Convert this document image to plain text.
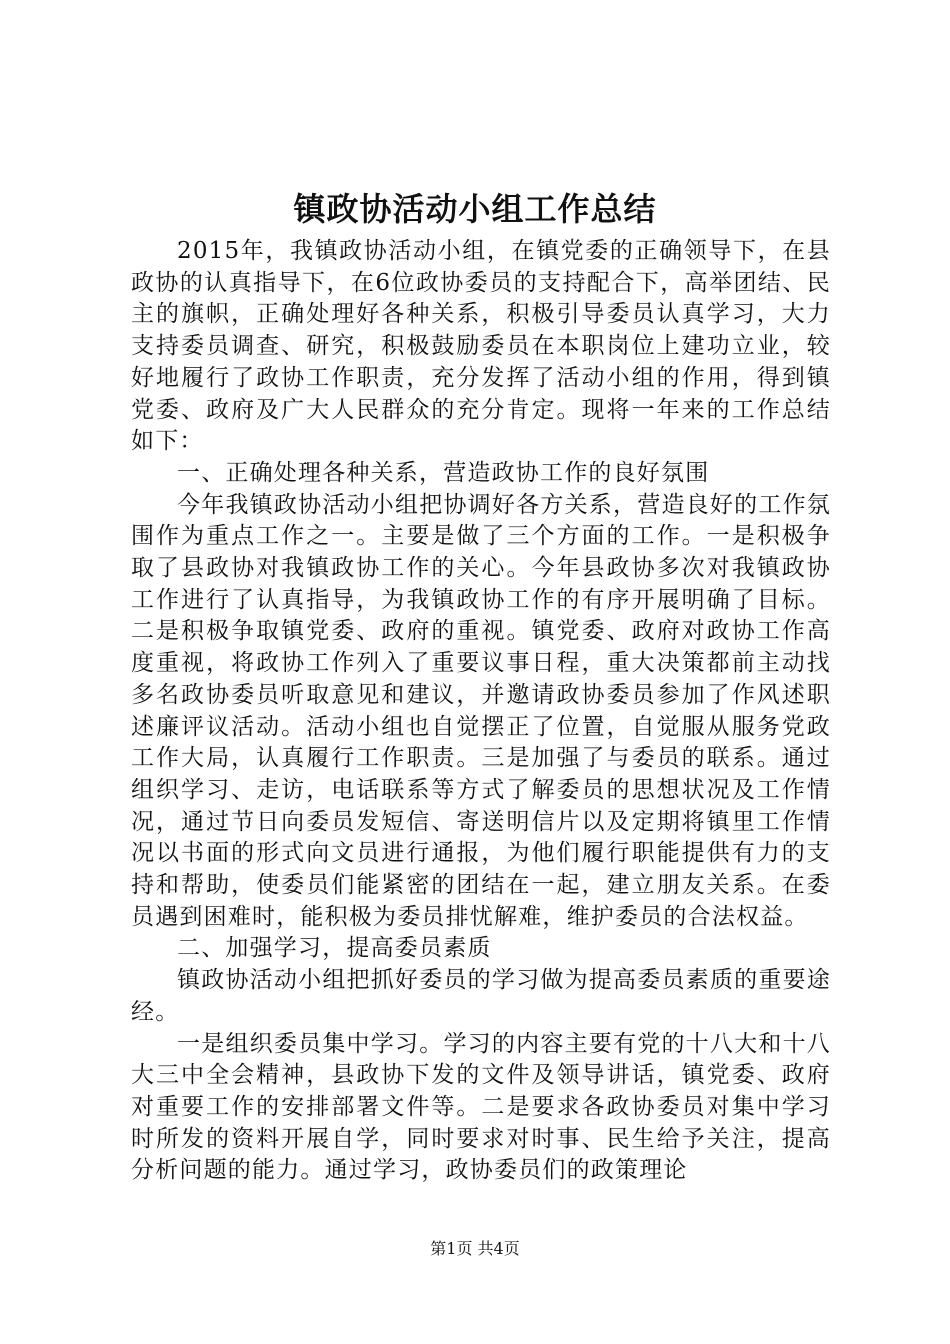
镇政协活动小组工作总结

2015年，我镇政协活动小组，在镇党委的正确领导下，在县政协的认真指导下，在6位政协委员的支持配合下，高举团结、民主的旗帜，正确处理好各种关系，积极引导委员认真学习，大力支持委员调查、研究，积极鼓励委员在本职岗位上建功立业，较好地履行了政协工作职责，充分发挥了活动小组的作用，得到镇党委、政府及广大人民群众的充分肯定。现将一年来的工作总结如下：

一、正确处理各种关系，营造政协工作的良好氛围

今年我镇政协活动小组把协调好各方关系，营造良好的工作氛围作为重点工作之一。主要是做了三个方面的工作。一是积极争取了县政协对我镇政协工作的关心。今年县政协多次对我镇政协工作进行了认真指导，为我镇政协工作的有序开展明确了目标。二是积极争取镇党委、政府的重视。镇党委、政府对政协工作高度重视，将政协工作列入了重要议事日程，重大决策都前主动找多名政协委员听取意见和建议，并邀请政协委员参加了作风述职述廉评议活动。活动小组也自觉摆正了位置，自觉服从服务党政工作大局，认真履行工作职责。三是加强了与委员的联系。通过组织学习、走访，电话联系等方式了解委员的思想状况及工作情况，通过节日向委员发短信、寄送明信片以及定期将镇里工作情况以书面的形式向文员进行通报，为他们履行职能提供有力的支持和帮助，使委员们能紧密的团结在一起，建立朋友关系。在委员遇到困难时，能积极为委员排忧解难，维护委员的合法权益。

二、加强学习，提高委员素质

镇政协活动小组把抓好委员的学习做为提高委员素质的重要途经。

一是组织委员集中学习。学习的内容主要有党的十八大和十八大三中全会精神，县政协下发的文件及领导讲话，镇党委、政府对重要工作的安排部署文件等。二是要求各政协委员对集中学习时所发的资料开展自学，同时要求对时事、民生给予关注，提高分析问题的能力。通过学习，政协委员们的政策理论

第1页 共4页
